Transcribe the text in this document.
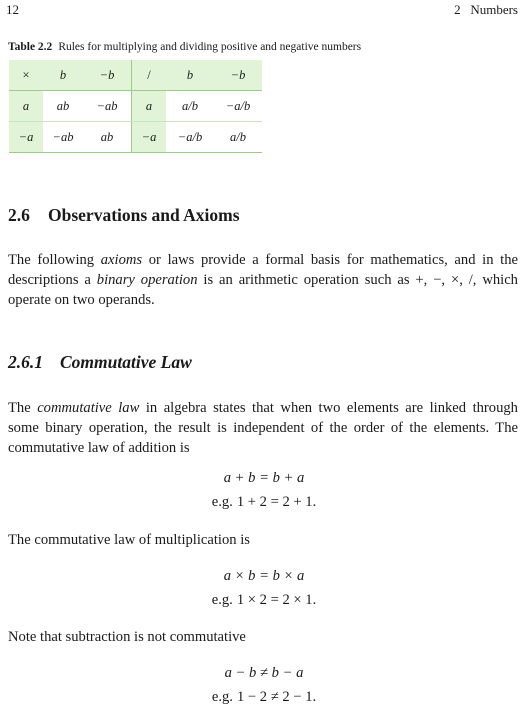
12	2   Numbers
Table 2.2 Rules for multiplying and dividing positive and negative numbers
×	b	−b	/	b	−b
a	ab	−ab	a	a/b	−a/b
−a	−ab	ab	−a	−a/b	a/b
2.6 Observations and Axioms
The following axioms or laws provide a formal basis for mathematics, and in the descriptions a binary operation is an arithmetic operation such as +, −, ×, /, which operate on two operands.
2.6.1 Commutative Law
The commutative law in algebra states that when two elements are linked through some binary operation, the result is independent of the order of the elements. The commutative law of addition is
a + b = b + a
e.g. 1 + 2 = 2 + 1.
The commutative law of multiplication is
a × b = b × a
e.g. 1 × 2 = 2 × 1.
Note that subtraction is not commutative
a − b ≠ b − a
e.g. 1 − 2 ≠ 2 − 1.
